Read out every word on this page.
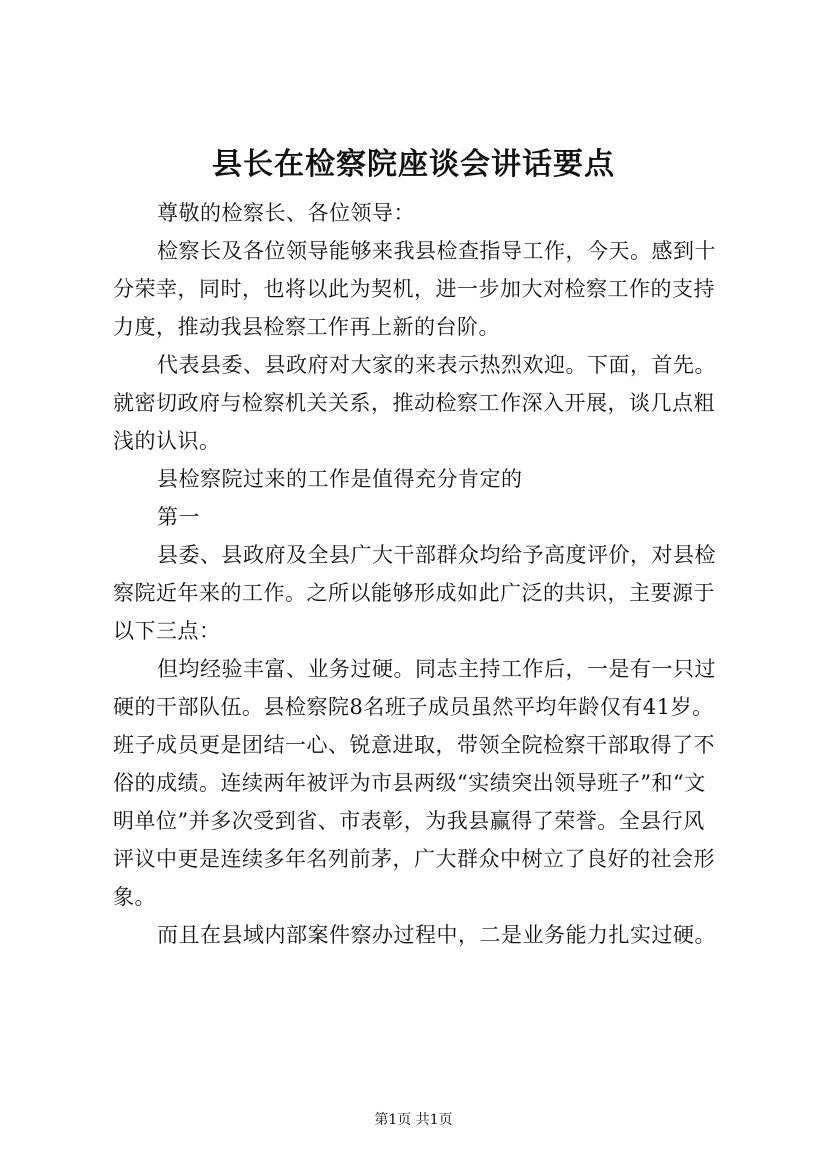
县长在检察院座谈会讲话要点
尊敬的检察长、各位领导：
检察长及各位领导能够来我县检查指导工作，今天。感到十
分荣幸，同时，也将以此为契机，进一步加大对检察工作的支持
力度，推动我县检察工作再上新的台阶。
代表县委、县政府对大家的来表示热烈欢迎。下面，首先。
就密切政府与检察机关关系，推动检察工作深入开展，谈几点粗
浅的认识。
县检察院过来的工作是值得充分肯定的
第一
县委、县政府及全县广大干部群众均给予高度评价，对县检
察院近年来的工作。之所以能够形成如此广泛的共识，主要源于
以下三点：
但均经验丰富、业务过硬。同志主持工作后，一是有一只过
硬的干部队伍。县检察院8名班子成员虽然平均年龄仅有41岁。
班子成员更是团结一心、锐意进取，带领全院检察干部取得了不
俗的成绩。连续两年被评为市县两级“实绩突出领导班子”和“文
明单位”并多次受到省、市表彰，为我县赢得了荣誉。全县行风
评议中更是连续多年名列前茅，广大群众中树立了良好的社会形
象。
而且在县域内部案件察办过程中，二是业务能力扎实过硬。
第1页 共1页
